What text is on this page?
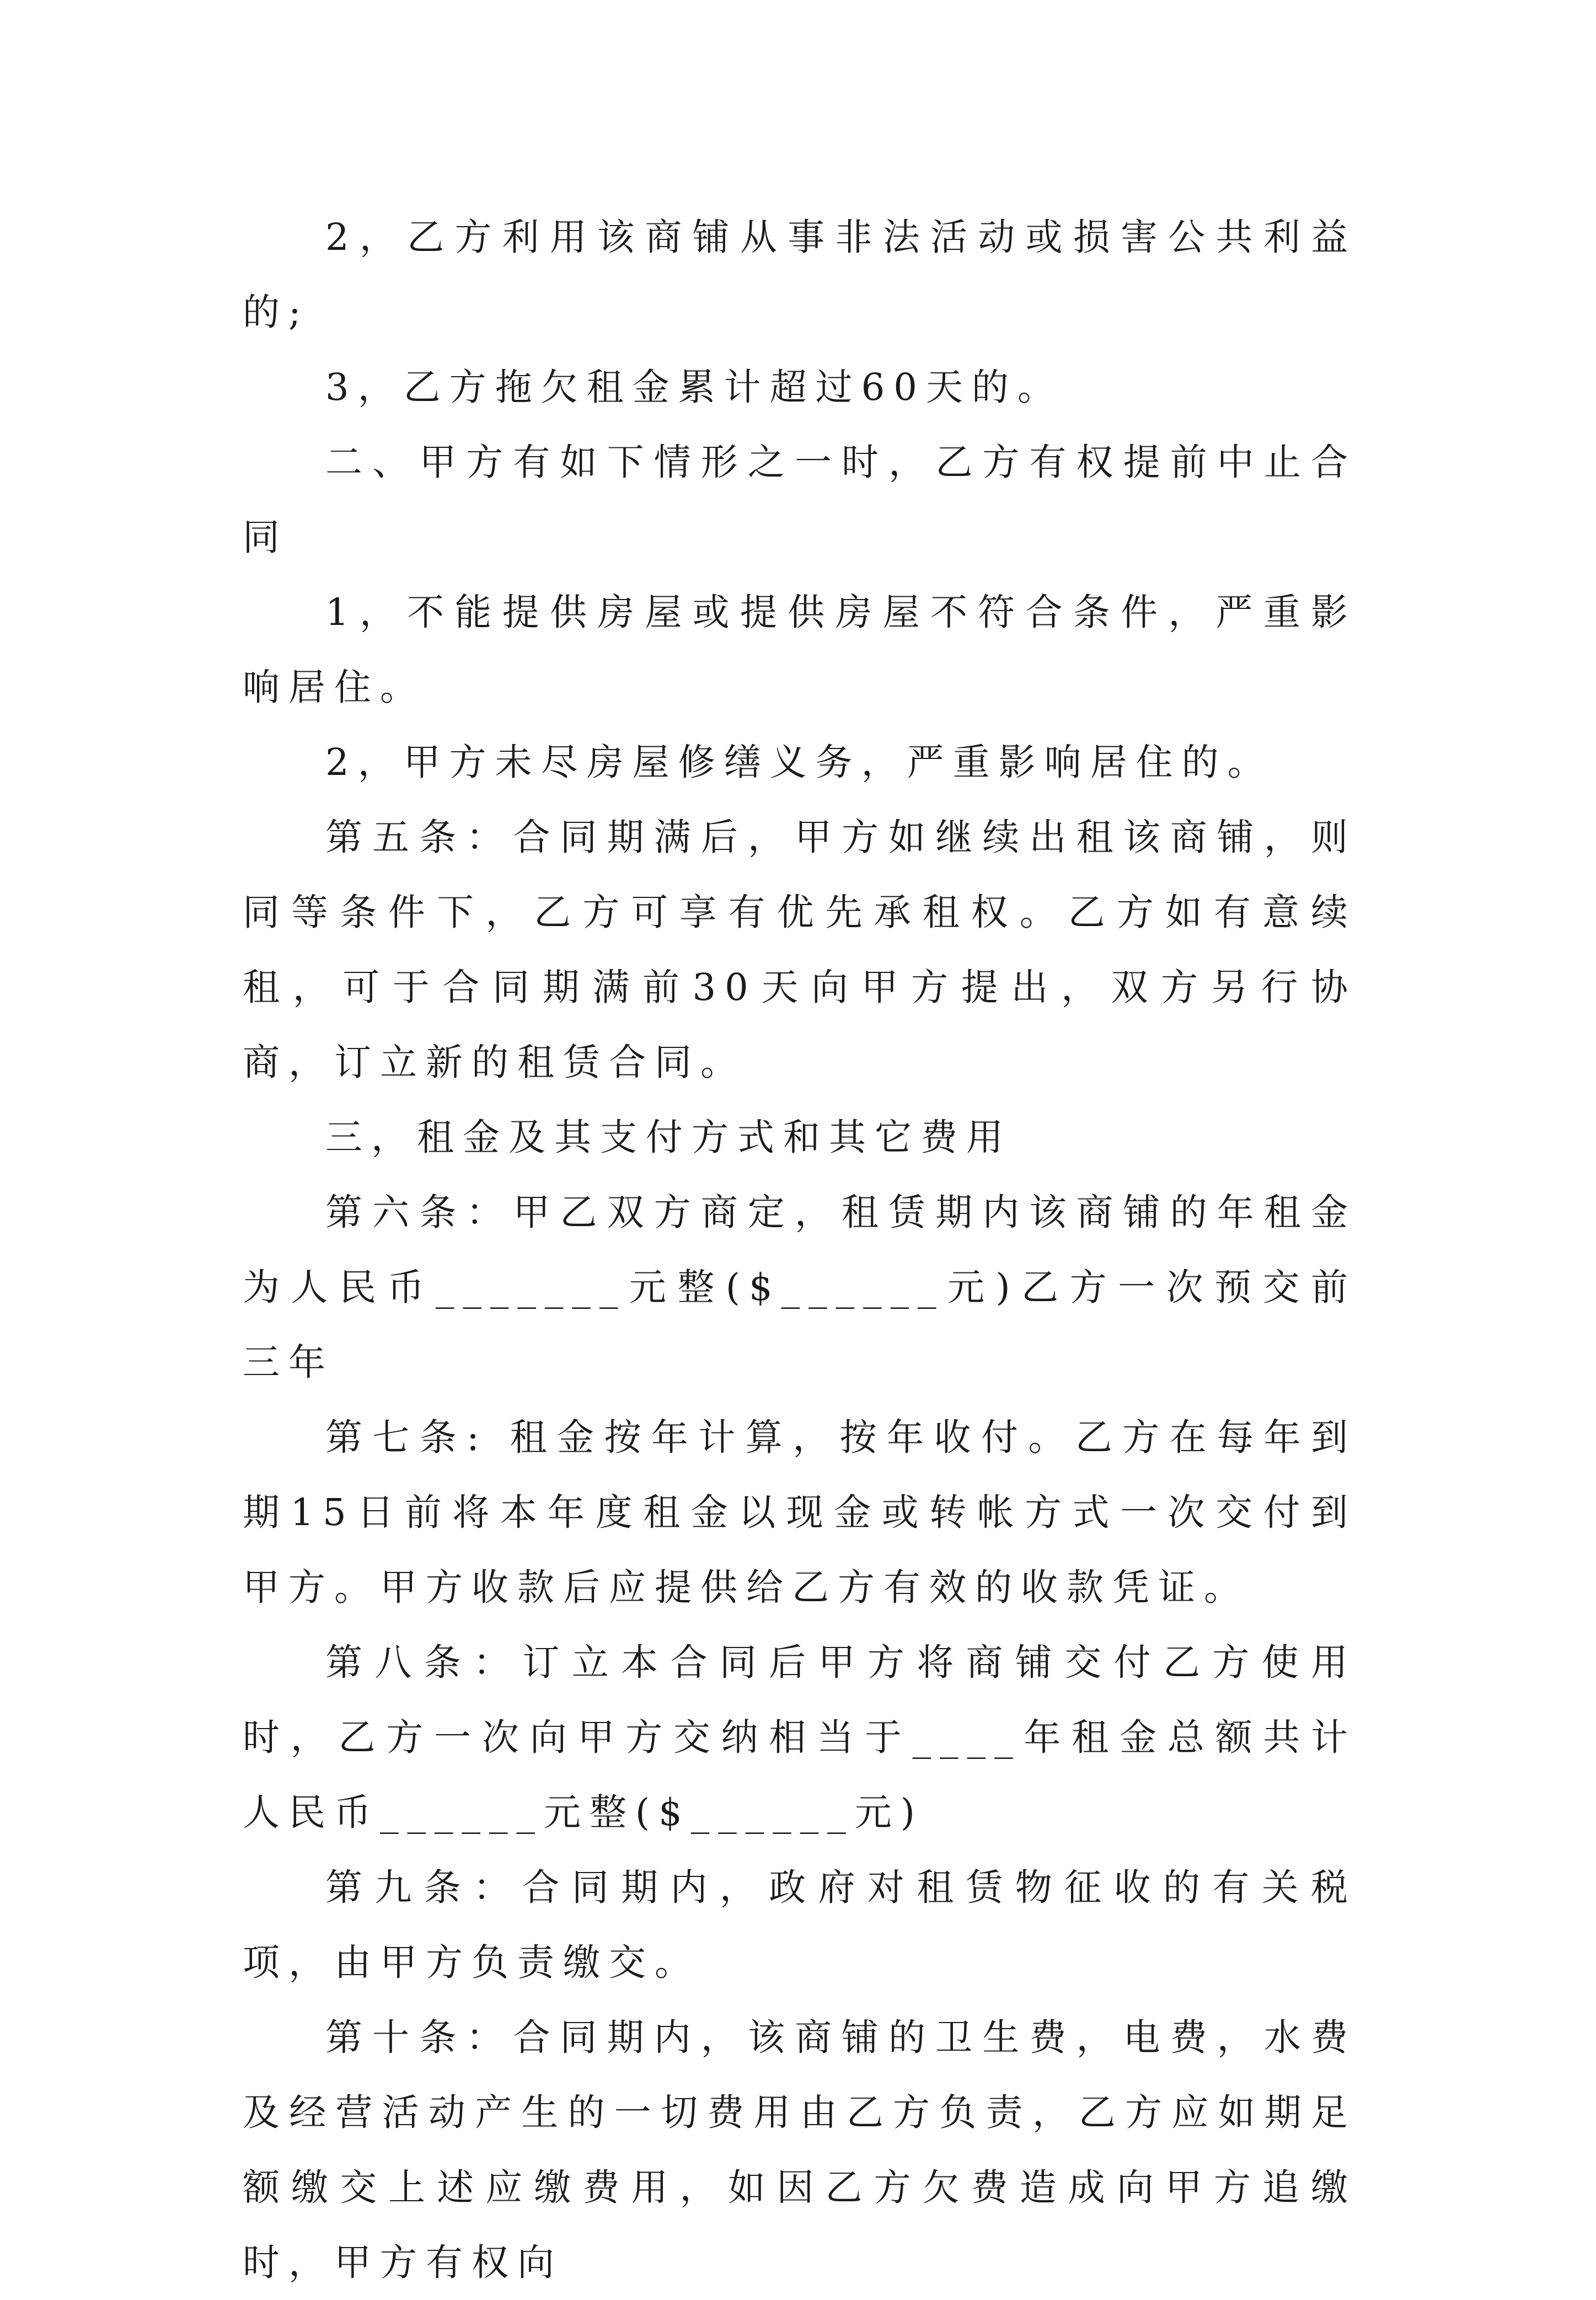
2，乙方利用该商铺从事非法活动或损害公共利益的;

3，乙方拖欠租金累计超过60天的。

二、甲方有如下情形之一时，乙方有权提前中止合同

1，不能提供房屋或提供房屋不符合条件，严重影响居住。

2，甲方未尽房屋修缮义务，严重影响居住的。

第五条：合同期满后，甲方如继续出租该商铺，则同等条件下，乙方可享有优先承租权。乙方如有意续租，可于合同期满前30天向甲方提出，双方另行协商，订立新的租赁合同。

三，租金及其支付方式和其它费用

第六条：甲乙双方商定，租赁期内该商铺的年租金为人民币_______元整($______元)乙方一次预交前三年

第七条: 租金按年计算，按年收付。乙方在每年到期15日前将本年度租金以现金或转帐方式一次交付到甲方。甲方收款后应提供给乙方有效的收款凭证。

第八条：订立本合同后甲方将商铺交付乙方使用时，乙方一次向甲方交纳相当于____年租金总额共计人民币______元整($______元)

第九条：合同期内，政府对租赁物征收的有关税项，由甲方负责缴交。

第十条：合同期内，该商铺的卫生费，电费，水费及经营活动产生的一切费用由乙方负责，乙方应如期足额缴交上述应缴费用，如因乙方欠费造成向甲方追缴时，甲方有权向
